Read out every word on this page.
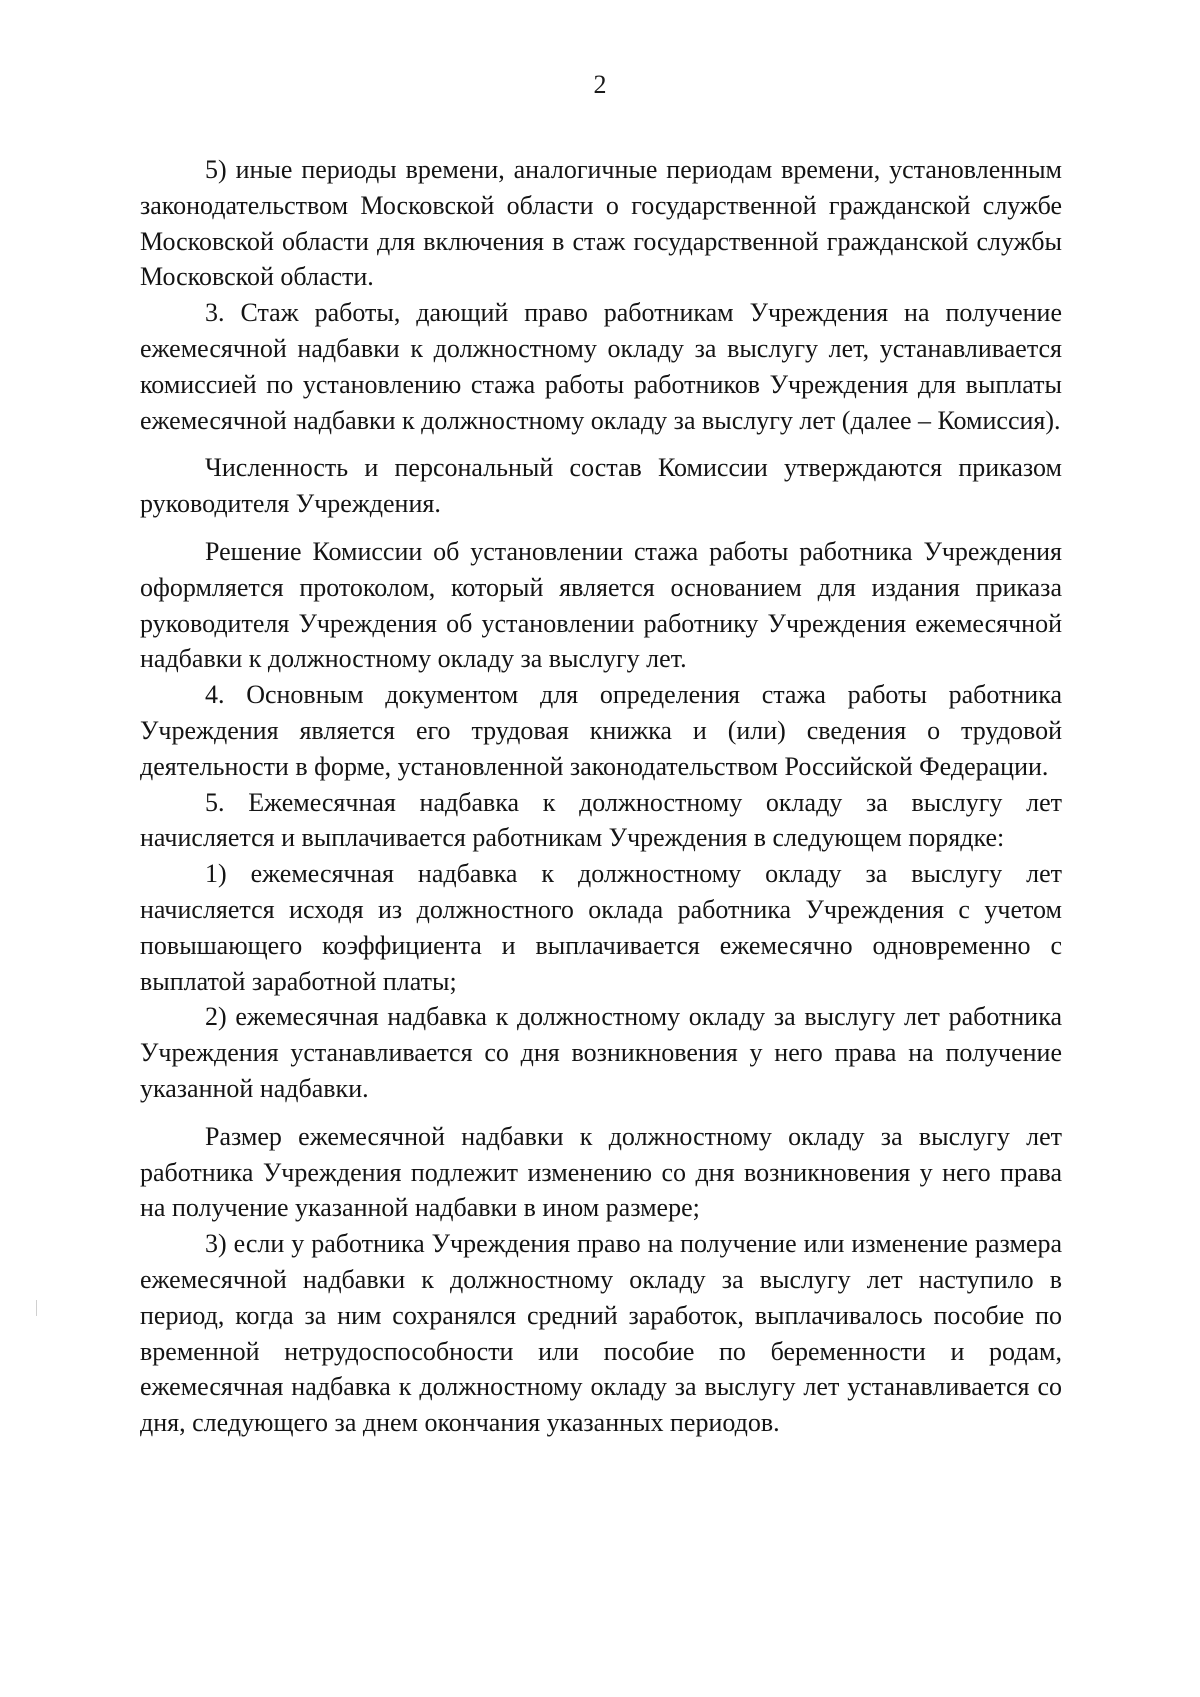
2

5) иные периоды времени, аналогичные периодам времени, установленным законодательством Московской области о государственной гражданской службе Московской области для включения в стаж государственной гражданской службы Московской области.

3. Стаж работы, дающий право работникам Учреждения на получение ежемесячной надбавки к должностному окладу за выслугу лет, устанавливается комиссией по установлению стажа работы работников Учреждения для выплаты ежемесячной надбавки к должностному окладу за выслугу лет (далее – Комиссия).

Численность и персональный состав Комиссии утверждаются приказом руководителя Учреждения.

Решение Комиссии об установлении стажа работы работника Учреждения оформляется протоколом, который является основанием для издания приказа руководителя Учреждения об установлении работнику Учреждения ежемесячной надбавки к должностному окладу за выслугу лет.

4. Основным документом для определения стажа работы работника Учреждения является его трудовая книжка и (или) сведения о трудовой деятельности в форме, установленной законодательством Российской Федерации.

5. Ежемесячная надбавка к должностному окладу за выслугу лет начисляется и выплачивается работникам Учреждения в следующем порядке:

1) ежемесячная надбавка к должностному окладу за выслугу лет начисляется исходя из должностного оклада работника Учреждения с учетом повышающего коэффициента и выплачивается ежемесячно одновременно с выплатой заработной платы;

2) ежемесячная надбавка к должностному окладу за выслугу лет работника Учреждения устанавливается со дня возникновения у него права на получение указанной надбавки.

Размер ежемесячной надбавки к должностному окладу за выслугу лет работника Учреждения подлежит изменению со дня возникновения у него права на получение указанной надбавки в ином размере;

3) если у работника Учреждения право на получение или изменение размера ежемесячной надбавки к должностному окладу за выслугу лет наступило в период, когда за ним сохранялся средний заработок, выплачивалось пособие по временной нетрудоспособности или пособие по беременности и родам, ежемесячная надбавка к должностному окладу за выслугу лет устанавливается со дня, следующего за днем окончания указанных периодов.
